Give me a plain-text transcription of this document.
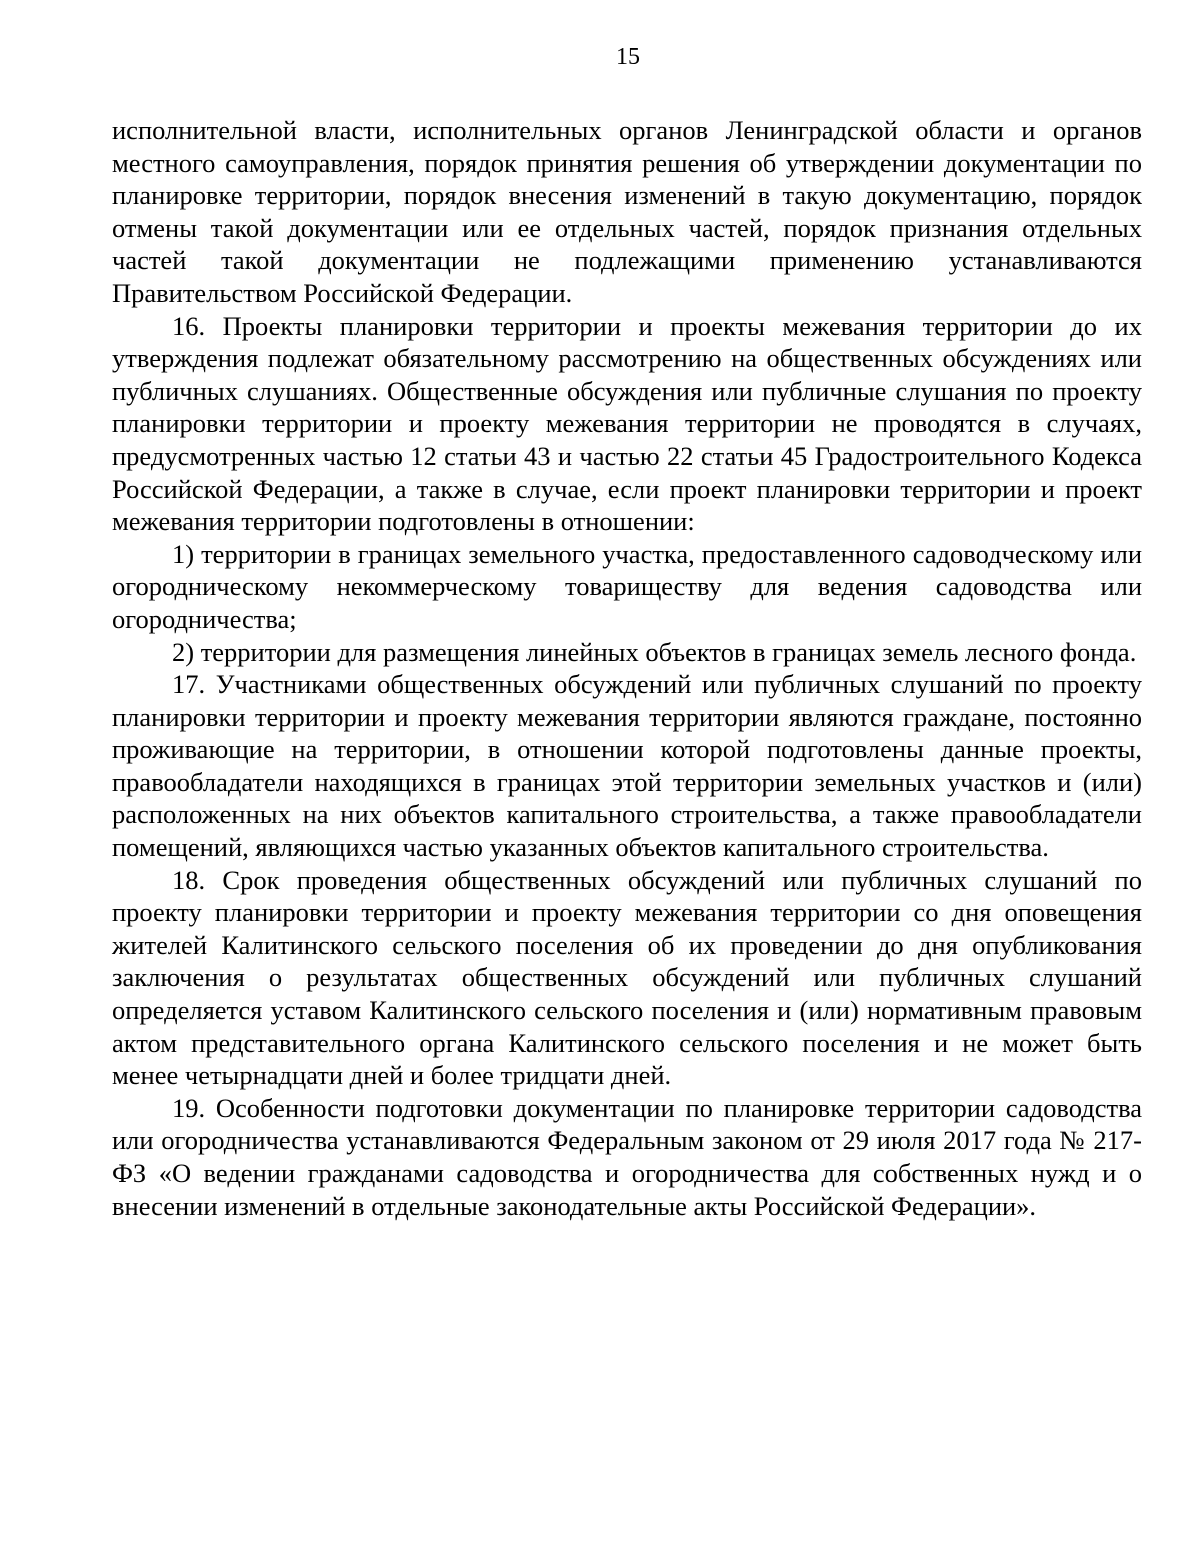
15

исполнительной власти, исполнительных органов Ленинградской области и органов местного самоуправления, порядок принятия решения об утверждении документации по планировке территории, порядок внесения изменений в такую документацию, порядок отмены такой документации или ее отдельных частей, порядок признания отдельных частей такой документации не подлежащими применению устанавливаются Правительством Российской Федерации.

16. Проекты планировки территории и проекты межевания территории до их утверждения подлежат обязательному рассмотрению на общественных обсуждениях или публичных слушаниях. Общественные обсуждения или публичные слушания по проекту планировки территории и проекту межевания территории не проводятся в случаях, предусмотренных частью 12 статьи 43 и частью 22 статьи 45 Градостроительного Кодекса Российской Федерации, а также в случае, если проект планировки территории и проект межевания территории подготовлены в отношении:

1) территории в границах земельного участка, предоставленного садоводческому или огородническому некоммерческому товариществу для ведения садоводства или огородничества;

2) территории для размещения линейных объектов в границах земель лесного фонда.

17. Участниками общественных обсуждений или публичных слушаний по проекту планировки территории и проекту межевания территории являются граждане, постоянно проживающие на территории, в отношении которой подготовлены данные проекты, правообладатели находящихся в границах этой территории земельных участков и (или) расположенных на них объектов капитального строительства, а также правообладатели помещений, являющихся частью указанных объектов капитального строительства.

18. Срок проведения общественных обсуждений или публичных слушаний по проекту планировки территории и проекту межевания территории со дня оповещения жителей Калитинского сельского поселения об их проведении до дня опубликования заключения о результатах общественных обсуждений или публичных слушаний определяется уставом Калитинского сельского поселения и (или) нормативным правовым актом представительного органа Калитинского сельского поселения и не может быть менее четырнадцати дней и более тридцати дней.

19. Особенности подготовки документации по планировке территории садоводства или огородничества устанавливаются Федеральным законом от 29 июля 2017 года № 217-ФЗ «О ведении гражданами садоводства и огородничества для собственных нужд и о внесении изменений в отдельные законодательные акты Российской Федерации».
